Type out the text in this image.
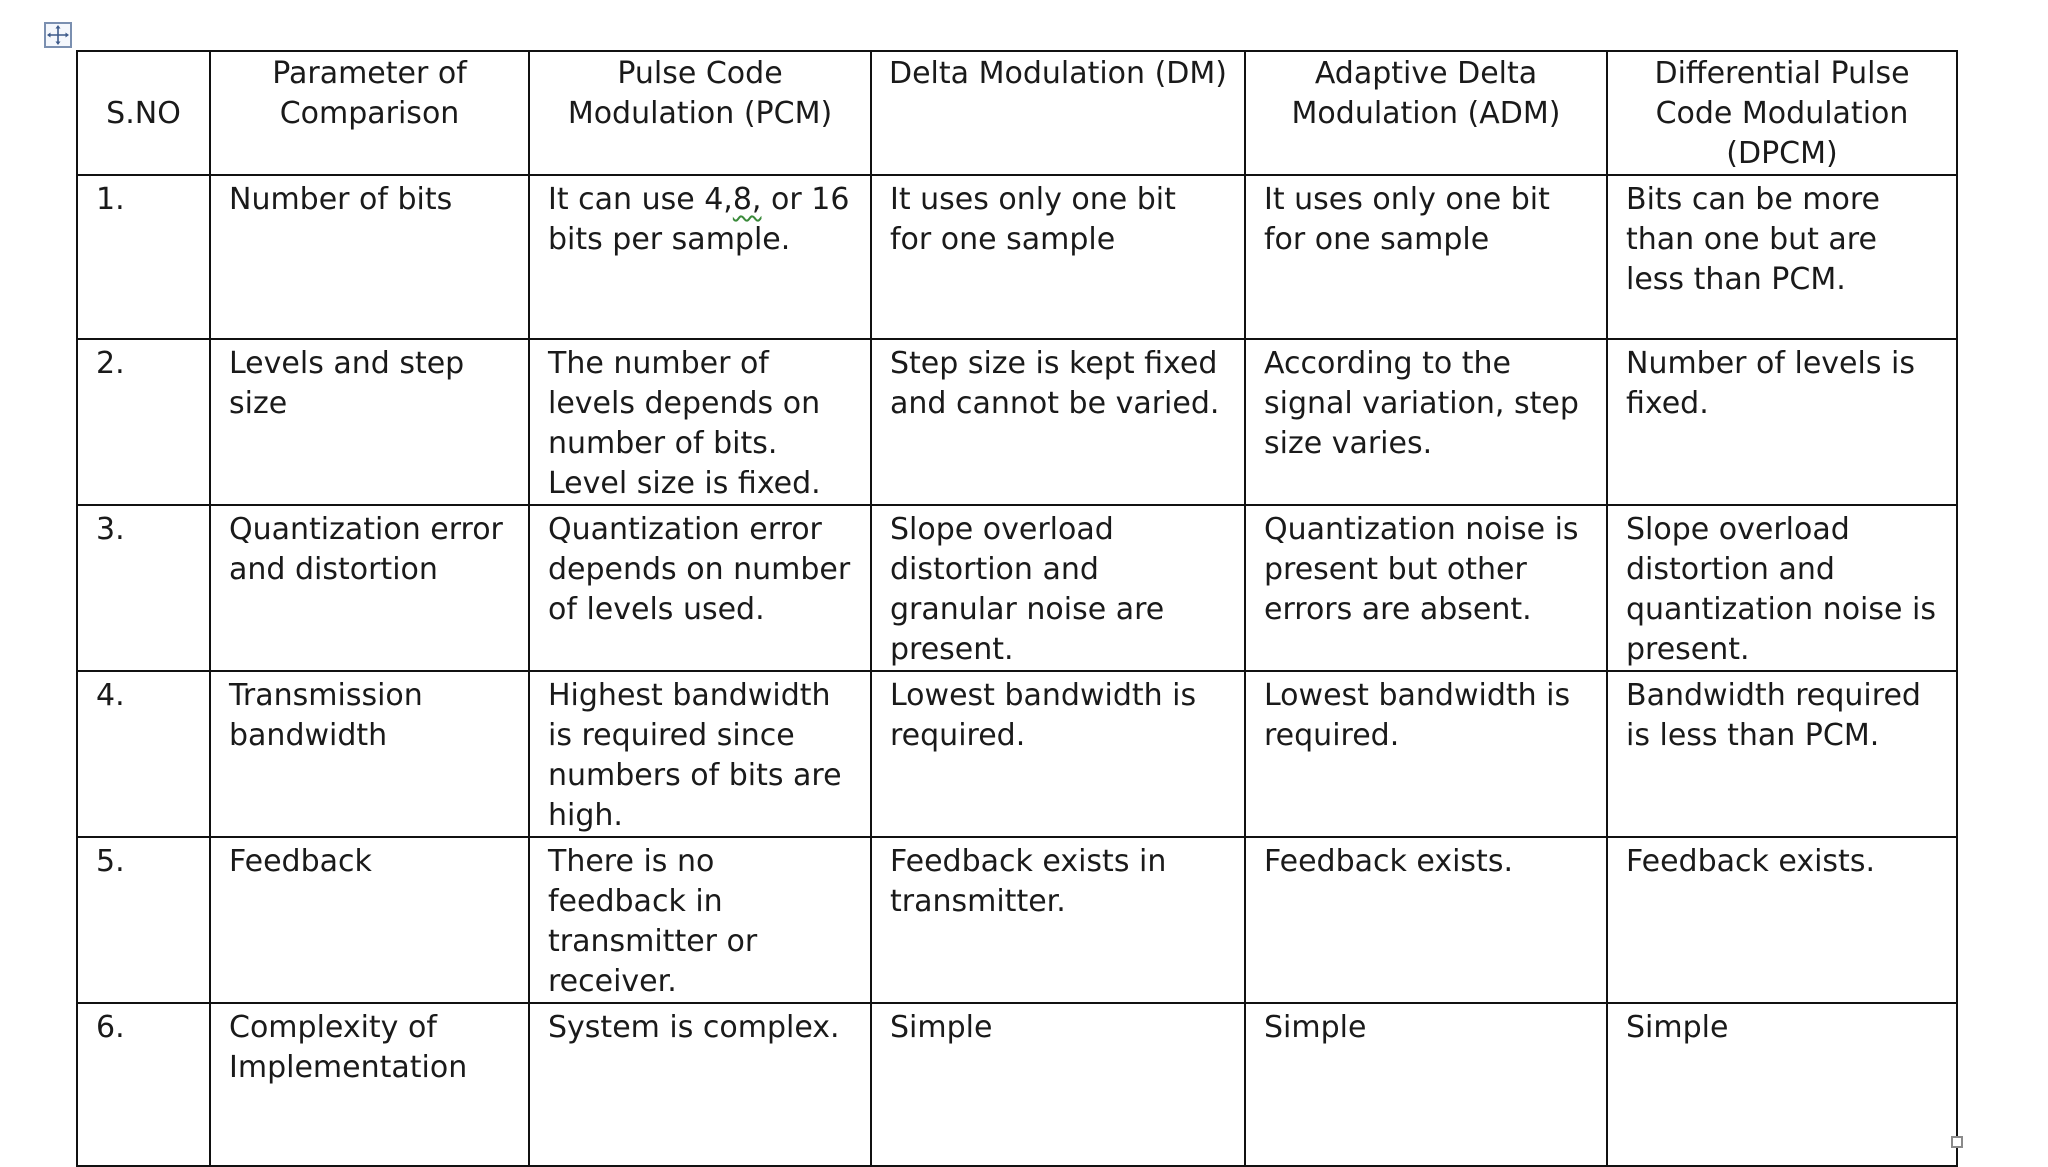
S.NO	Parameter of Comparison	Pulse Code Modulation (PCM)	Delta Modulation (DM)	Adaptive Delta Modulation (ADM)	Differential Pulse Code Modulation (DPCM)
1.	Number of bits	It can use 4,8, or 16 bits per sample.	It uses only one bit for one sample	It uses only one bit for one sample	Bits can be more than one but are less than PCM.
2.	Levels and step size	The number of levels depends on number of bits. Level size is fixed.	Step size is kept fixed and cannot be varied.	According to the signal variation, step size varies.	Number of levels is fixed.
3.	Quantization error and distortion	Quantization error depends on number of levels used.	Slope overload distortion and granular noise are present.	Quantization noise is present but other errors are absent.	Slope overload distortion and quantization noise is present.
4.	Transmission bandwidth	Highest bandwidth is required since numbers of bits are high.	Lowest bandwidth is required.	Lowest bandwidth is required.	Bandwidth required is less than PCM.
5.	Feedback	There is no feedback in transmitter or receiver.	Feedback exists in transmitter.	Feedback exists.	Feedback exists.
6.	Complexity of Implementation	System is complex.	Simple	Simple	Simple
